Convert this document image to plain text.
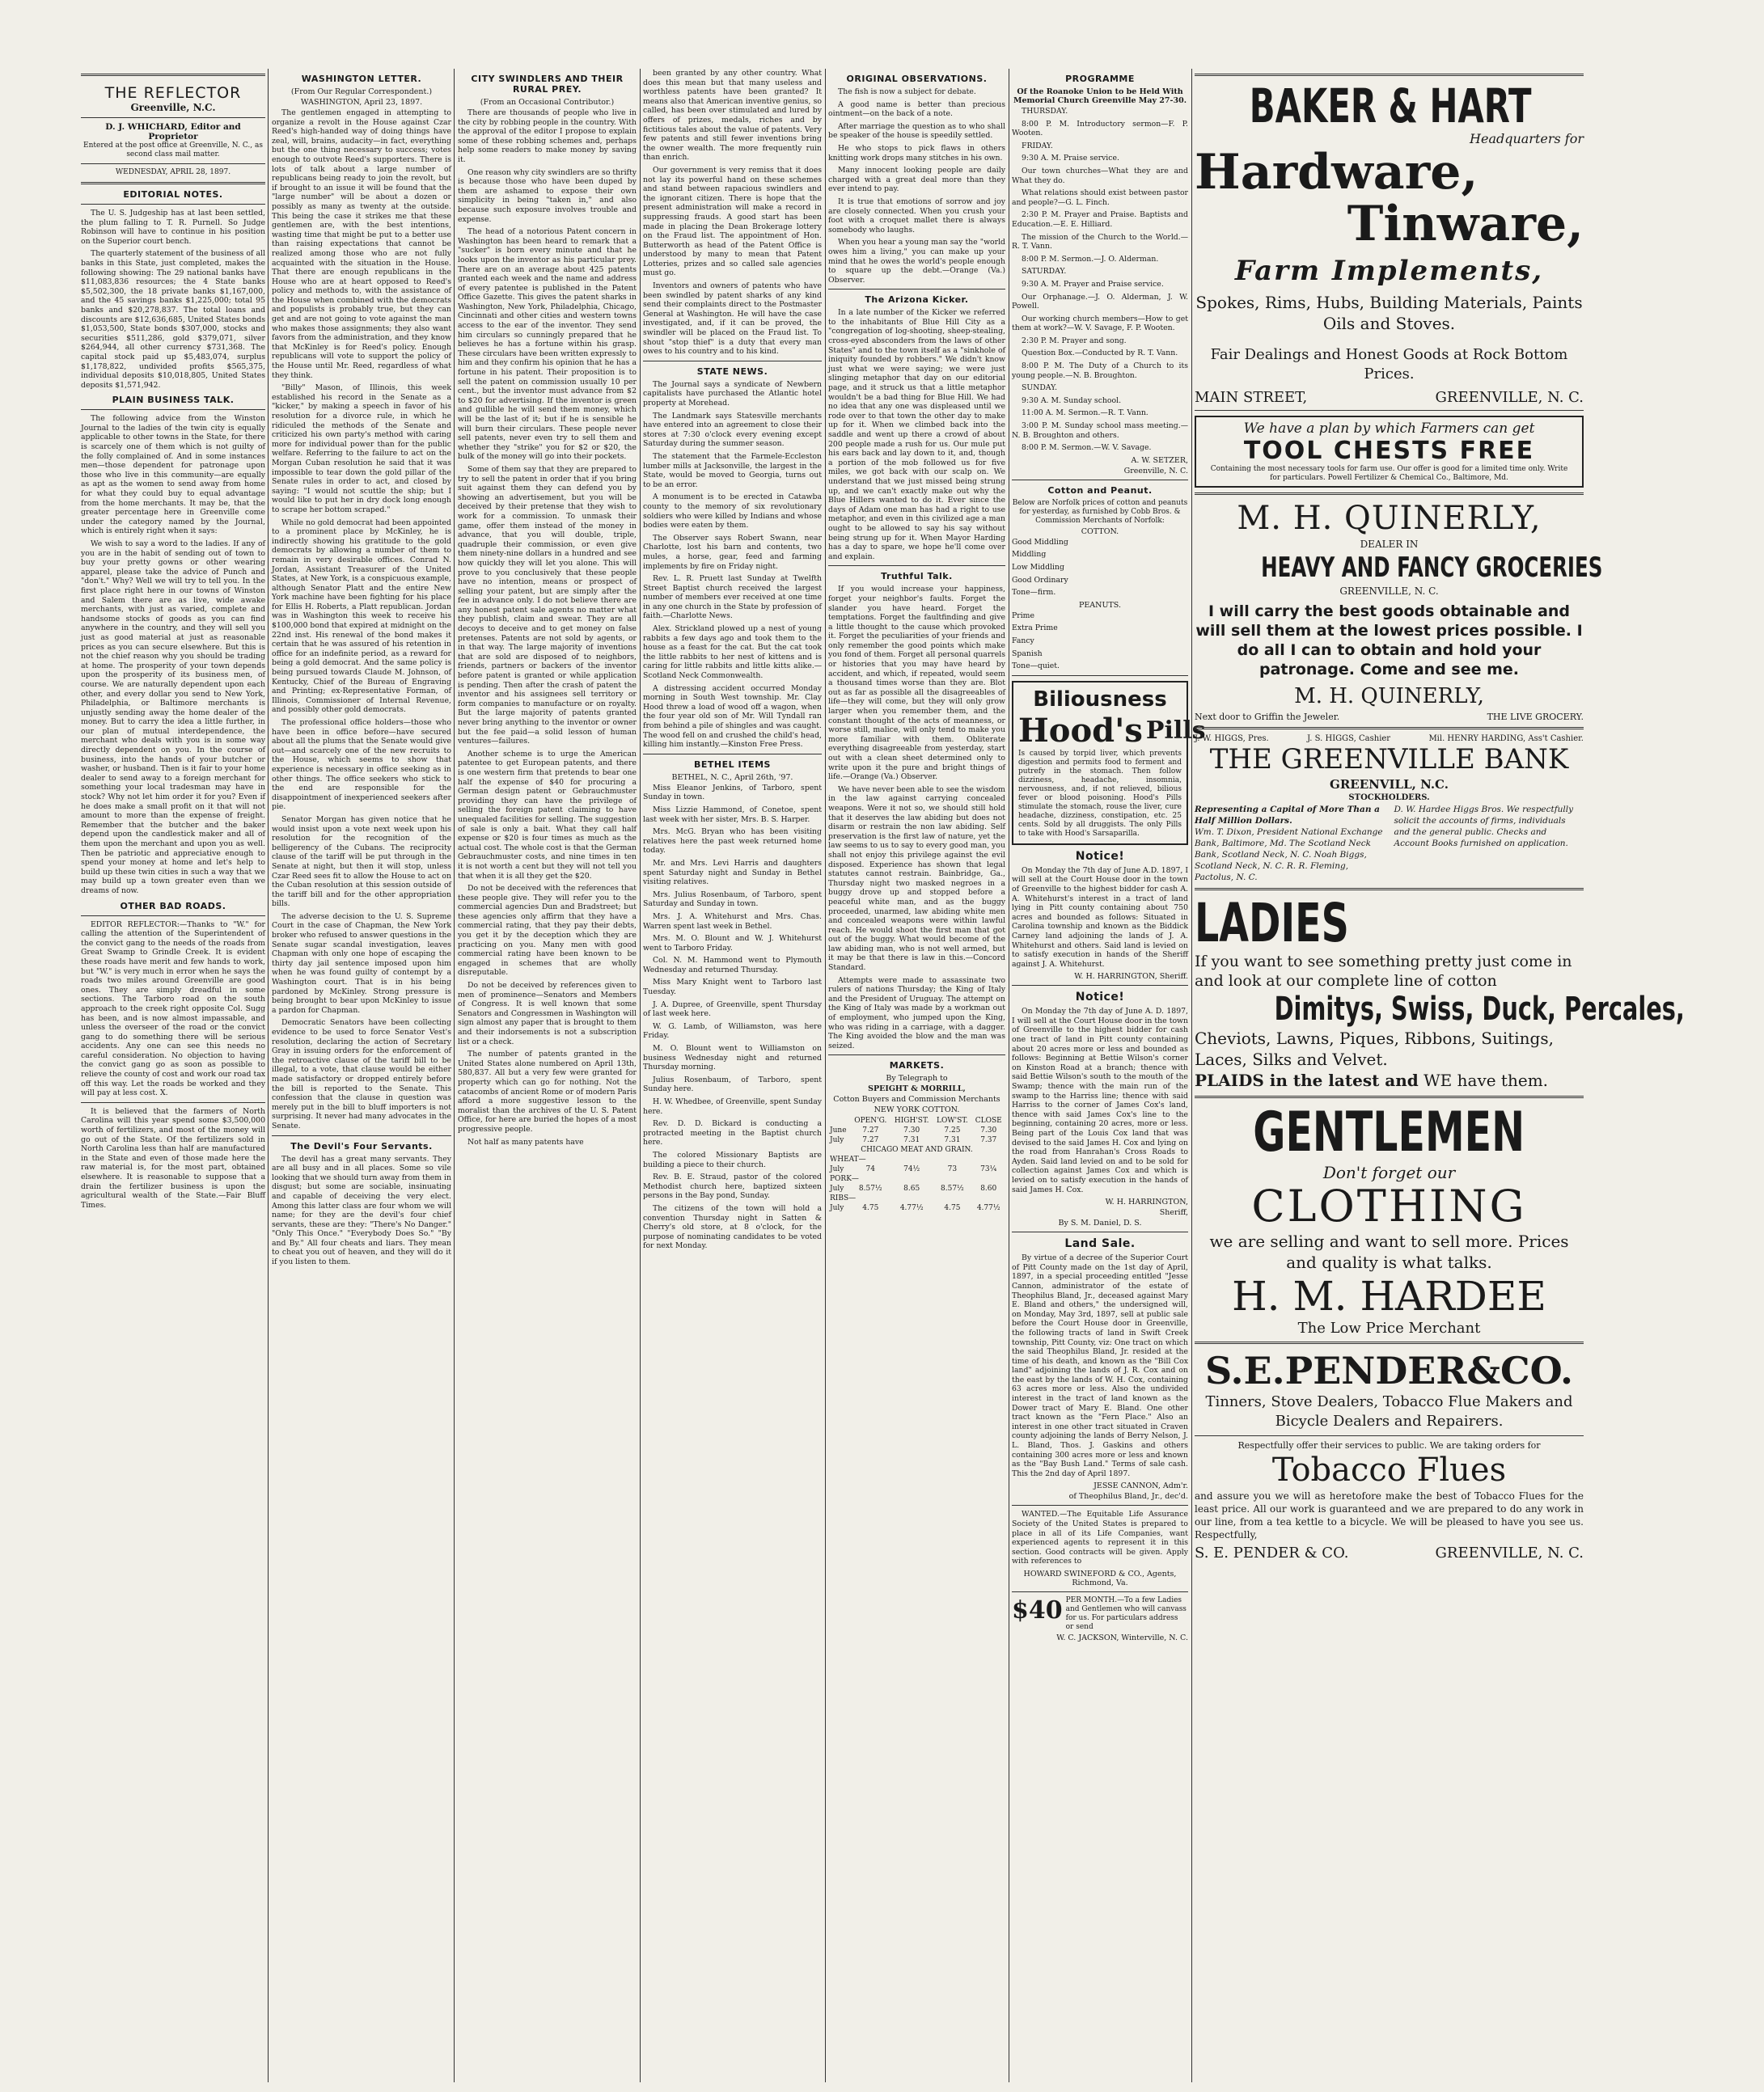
THE REFLECTOR
Greenville, N.C.
D. J. WHICHARD, Editor and Proprietor
Entered at the post office at Greenville, N. C., as second class mail matter.
WEDNESDAY, APRIL 28, 1897.
EDITORIAL NOTES.

The U. S. Judgeship has at last been settled, the plum falling to T. R. Purnell. So Judge Robinson will have to continue in his position on the Superior court bench.

The quarterly statement of the business of all banks in this State, just completed, makes the following showing: The 29 national banks have $11,083,836 resources; the 4 State banks $5,502,300, the 18 private banks $1,167,000, and the 45 savings banks $1,225,000; total 95 banks and $20,278,837. The total loans and discounts are $12,636,685, United States bonds $1,053,500, State bonds $307,000, stocks and securities $511,286, gold $379,071, silver $264,944, all other currency $731,368. The capital stock paid up $5,483,074, surplus $1,178,822, undivided profits $565,375, individual deposits $10,018,805, United States deposits $1,571,942.

PLAIN BUSINESS TALK.

The following advice from the Winston Journal to the ladies of the twin city is equally applicable to other towns in the State, for there is scarcely one of them which is not guilty of the folly complained of. And in some instances men—those dependent for patronage upon those who live in this community—are equally as apt as the women to send away from home for what they could buy to equal advantage from the home merchants. It may be, that the greater percentage here in Greenville come under the category named by the Journal, which is entirely right when it says:

We wish to say a word to the ladies. If any of you are in the habit of sending out of town to buy your pretty gowns or other wearing apparel, please take the advice of Punch and "don't." Why? Well we will try to tell you. In the first place right here in our towns of Winston and Salem there are as live, wide awake merchants, with just as varied, complete and handsome stocks of goods as you can find anywhere in the country, and they will sell you just as good material at just as reasonable prices as you can secure elsewhere. But this is not the chief reason why you should be trading at home. The prosperity of your town depends upon the prosperity of its business men, of course. We are naturally dependent upon each other, and every dollar you send to New York, Philadelphia, or Baltimore merchants is unjustly sending away the home dealer of the money. But to carry the idea a little further, in our plan of mutual interdependence, the merchant who deals with you is in some way directly dependent on you. In the course of business, into the hands of your butcher or washer, or husband. Then is it fair to your home dealer to send away to a foreign merchant for something your local tradesman may have in stock? Why not let him order it for you? Even if he does make a small profit on it that will not amount to more than the expense of freight. Remember that the butcher and the baker depend upon the candlestick maker and all of them upon the merchant and upon you as well. Then be patriotic and appreciative enough to spend your money at home and let's help to build up these twin cities in such a way that we may build up a town greater even than we dreams of now.

OTHER BAD ROADS.

EDITOR REFLECTOR:—Thanks to "W." for calling the attention of the Superintendent of the convict gang to the needs of the roads from Great Swamp to Grindle Creek. It is evident these roads have merit and few hands to work, but "W." is very much in error when he says the roads two miles around Greenville are good ones. They are simply dreadful in some sections. The Tarboro road on the south approach to the creek right opposite Col. Sugg has been, and is now almost impassable, and unless the overseer of the road or the convict gang to do something there will be serious accidents. Any one can see this needs no careful consideration. No objection to having the convict gang go as soon as possible to relieve the county of cost and work our road tax off this way. Let the roads be worked and they will pay at less cost. X.

It is believed that the farmers of North Carolina will this year spend some $3,500,000 worth of fertilizers, and most of the money will go out of the State. Of the fertilizers sold in North Carolina less than half are manufactured in the State and even of those made here the raw material is, for the most part, obtained elsewhere. It is reasonable to suppose that a drain the fertilizer business is upon the agricultural wealth of the State.—Fair Bluff Times.

WASHINGTON LETTER.
(From Our Regular Correspondent.)
WASHINGTON, April 23, 1897.

The gentlemen engaged in attempting to organize a revolt in the House against Czar Reed's high-handed way of doing things have zeal, will, brains, audacity—in fact, everything but the one thing necessary to success; votes enough to outvote Reed's supporters. There is lots of talk about a large number of republicans being ready to join the revolt, but if brought to an issue it will be found that the "large number" will be about a dozen or possibly as many as twenty at the outside. This being the case it strikes me that these gentlemen are, with the best intentions, wasting time that might be put to a better use than raising expectations that cannot be realized among those who are not fully acquainted with the situation in the House. That there are enough republicans in the House who are at heart opposed to Reed's policy and methods to, with the assistance of the House when combined with the democrats and populists is probably true, but they can get and are not going to vote against the man who makes those assignments; they also want favors from the administration, and they know that McKinley is for Reed's policy. Enough republicans will vote to support the policy of the House until Mr. Reed, regardless of what they think.

"Billy" Mason, of Illinois, this week established his record in the Senate as a "kicker," by making a speech in favor of his resolution for a divorce rule, in which he ridiculed the methods of the Senate and criticized his own party's method with caring more for individual power than for the public welfare. Referring to the failure to act on the Morgan Cuban resolution he said that it was impossible to tear down the gold pillar of the Senate rules in order to act, and closed by saying: "I would not scuttle the ship; but I would like to put her in dry dock long enough to scrape her bottom scraped."

While no gold democrat had been appointed to a prominent place by McKinley, he is indirectly showing his gratitude to the gold democrats by allowing a number of them to remain in very desirable offices. Conrad N. Jordan, Assistant Treasurer of the United States, at New York, is a conspicuous example, although Senator Platt and the entire New York machine have been fighting for his place for Ellis H. Roberts, a Platt republican. Jordan was in Washington this week to receive his $100,000 bond that expired at midnight on the 22nd inst. His renewal of the bond makes it certain that he was assured of his retention in office for an indefinite period, as a reward for being a gold democrat. And the same policy is being pursued towards Claude M. Johnson, of Kentucky, Chief of the Bureau of Engraving and Printing; ex-Representative Forman, of Illinois, Commissioner of Internal Revenue, and possibly other gold democrats.

The professional office holders—those who have been in office before—have secured about all the plums that the Senate would give out—and scarcely one of the new recruits to the House, which seems to show that experience is necessary in office seeking as in other things. The office seekers who stick to the end are responsible for the disappointment of inexperienced seekers after pie.

Senator Morgan has given notice that he would insist upon a vote next week upon his resolution for the recognition of the belligerency of the Cubans. The reciprocity clause of the tariff will be put through in the Senate at night, but then it will stop, unless Czar Reed sees fit to allow the House to act on the Cuban resolution at this session outside of the tariff bill and for the other appropriation bills.

The adverse decision to the U. S. Supreme Court in the case of Chapman, the New York broker who refused to answer questions in the Senate sugar scandal investigation, leaves Chapman with only one hope of escaping the thirty day jail sentence imposed upon him when he was found guilty of contempt by a Washington court. That is in his being pardoned by McKinley. Strong pressure is being brought to bear upon McKinley to issue a pardon for Chapman.

Democratic Senators have been collecting evidence to be used to force Senator Vest's resolution, declaring the action of Secretary Gray in issuing orders for the enforcement of the retroactive clause of the tariff bill to be illegal, to a vote, that clause would be either made satisfactory or dropped entirely before the bill is reported to the Senate. This confession that the clause in question was merely put in the bill to bluff importers is not surprising. It never had many advocates in the Senate.

The Devil's Four Servants.

The devil has a great many servants. They are all busy and in all places. Some so vile looking that we should turn away from them in disgust; but some are sociable, insinuating and capable of deceiving the very elect. Among this latter class are four whom we will name; for they are the devil's four chief servants, these are they: "There's No Danger." "Only This Once." "Everybody Does So." "By and By." All four cheats and liars. They mean to cheat you out of heaven, and they will do it if you listen to them.

CITY SWINDLERS AND THEIR RURAL PREY.
(From an Occasional Contributor.)

There are thousands of people who live in the city by robbing people in the country. With the approval of the editor I propose to explain some of these robbing schemes and, perhaps help some readers to make money by saving it.

One reason why city swindlers are so thrifty is because those who have been duped by them are ashamed to expose their own simplicity in being "taken in," and also because such exposure involves trouble and expense.

The head of a notorious Patent concern in Washington has been heard to remark that a "sucker" is born every minute and that he looks upon the inventor as his particular prey. There are on an average about 425 patents granted each week and the name and address of every patentee is published in the Patent Office Gazette. This gives the patent sharks in Washington, New York, Philadelphia, Chicago, Cincinnati and other cities and western towns access to the ear of the inventor. They send him circulars so cunningly prepared that he believes he has a fortune within his grasp. These circulars have been written expressly to him and they confirm his opinion that he has a fortune in his patent. Their proposition is to sell the patent on commission usually 10 per cent., but the inventor must advance from $2 to $20 for advertising. If the inventor is green and gullible he will send them money, which will be the last of it; but if he is sensible he will burn their circulars. These people never sell patents, never even try to sell them and whether they "strike" you for $2 or $20, the bulk of the money will go into their pockets.

Some of them say that they are prepared to try to sell the patent in order that if you bring suit against them they can defend you by showing an advertisement, but you will be deceived by their pretense that they wish to work for a commission. To unmask their game, offer them instead of the money in advance, that you will double, triple, quadruple their commission, or even give them ninety-nine dollars in a hundred and see how quickly they will let you alone. This will prove to you conclusively that these people have no intention, means or prospect of selling your patent, but are simply after the fee in advance only. I do not believe there are any honest patent sale agents no matter what they publish, claim and swear. They are all decoys to deceive and to get money on false pretenses. Patents are not sold by agents, or in that way. The large majority of inventions that are sold are disposed of to neighbors, friends, partners or backers of the inventor before patent is granted or while application is pending. Then after the crash of patent the inventor and his assignees sell territory or form companies to manufacture or on royalty. But the large majority of patents granted never bring anything to the inventor or owner but the fee paid—a solid lesson of human ventures—failures.

Another scheme is to urge the American patentee to get European patents, and there is one western firm that pretends to bear one half the expense of $40 for procuring a German design patent or Gebrauchmuster providing they can have the privilege of selling the foreign patent claiming to have unequaled facilities for selling. The suggestion of sale is only a bait. What they call half expense or $20 is four times as much as the actual cost. The whole cost is that the German Gebrauchmuster costs, and nine times in ten it is not worth a cent but they will not tell you that when it is all they get the $20.

Do not be deceived with the references that these people give. They will refer you to the commercial agencies Dun and Bradstreet; but these agencies only affirm that they have a commercial rating, that they pay their debts, you get it by the deception which they are practicing on you. Many men with good commercial rating have been known to be engaged in schemes that are wholly disreputable.

Do not be deceived by references given to men of prominence—Senators and Members of Congress. It is well known that some Senators and Congressmen in Washington will sign almost any paper that is brought to them and their indorsements is not a subscription list or a check.

The number of patents granted in the United States alone numbered on April 13th, 580,837. All but a very few were granted for property which can go for nothing. Not the catacombs of ancient Rome or of modern Paris afford a more suggestive lesson to the moralist than the archives of the U. S. Patent Office, for here are buried the hopes of a most progressive people.

Not half as many patents have

been granted by any other country. What does this mean but that many useless and worthless patents have been granted? It means also that American inventive genius, so called, has been over stimulated and lured by offers of prizes, medals, riches and by fictitious tales about the value of patents. Very few patents and still fewer inventions bring the owner wealth. The more frequently ruin than enrich.

Our government is very remiss that it does not lay its powerful hand on these schemes and stand between rapacious swindlers and the ignorant citizen. There is hope that the present administration will make a record in suppressing frauds. A good start has been made in placing the Dean Brokerage lottery on the Fraud list. The appointment of Hon. Butterworth as head of the Patent Office is understood by many to mean that Patent Lotteries, prizes and so called sale agencies must go.

Inventors and owners of patents who have been swindled by patent sharks of any kind send their complaints direct to the Postmaster General at Washington. He will have the case investigated, and, if it can be proved, the swindler will be placed on the Fraud list. To shout "stop thief" is a duty that every man owes to his country and to his kind.

STATE NEWS.

The Journal says a syndicate of Newbern capitalists have purchased the Atlantic hotel property at Morehead.

The Landmark says Statesville merchants have entered into an agreement to close their stores at 7:30 o'clock every evening except Saturday during the summer season.

The statement that the Farmele-Eccleston lumber mills at Jacksonville, the largest in the State, would be moved to Georgia, turns out to be an error.

A monument is to be erected in Catawba county to the memory of six revolutionary soldiers who were killed by Indians and whose bodies were eaten by them.

The Observer says Robert Swann, near Charlotte, lost his barn and contents, two mules, a horse, gear, feed and farming implements by fire on Friday night.

Rev. L. R. Pruett last Sunday at Twelfth Street Baptist church received the largest number of members ever received at one time in any one church in the State by profession of faith.—Charlotte News.

Alex. Strickland plowed up a nest of young rabbits a few days ago and took them to the house as a feast for the cat. But the cat took the little rabbits to her nest of kittens and is caring for little rabbits and little kitts alike.—Scotland Neck Commonwealth.

A distressing accident occurred Monday morning in South West township. Mr. Clay Hood threw a load of wood off a wagon, when the four year old son of Mr. Will Tyndall ran from behind a pile of shingles and was caught. The wood fell on and crushed the child's head, killing him instantly.—Kinston Free Press.

BETHEL ITEMS
BETHEL, N. C., April 26th, '97.

Miss Eleanor Jenkins, of Tarboro, spent Sunday in town.

Miss Lizzie Hammond, of Conetoe, spent last week with her sister, Mrs. B. S. Harper.

Mrs. McG. Bryan who has been visiting relatives here the past week returned home today.

Mr. and Mrs. Levi Harris and daughters spent Saturday night and Sunday in Bethel visiting relatives.

Mrs. Julius Rosenbaum, of Tarboro, spent Saturday and Sunday in town.

Mrs. J. A. Whitehurst and Mrs. Chas. Warren spent last week in Bethel.

Mrs. M. O. Blount and W. J. Whitehurst went to Tarboro Friday.

Col. N. M. Hammond went to Plymouth Wednesday and returned Thursday.

Miss Mary Knight went to Tarboro last Tuesday.

J. A. Dupree, of Greenville, spent Thursday of last week here.

W. G. Lamb, of Williamston, was here Friday.

M. O. Blount went to Williamston on business Wednesday night and returned Thursday morning.

Julius Rosenbaum, of Tarboro, spent Sunday here.

H. W. Whedbee, of Greenville, spent Sunday here.

Rev. D. D. Bickard is conducting a protracted meeting in the Baptist church here.

The colored Missionary Baptists are building a piece to their church.

Rev. B. E. Straud, pastor of the colored Methodist church here, baptized sixteen persons in the Bay pond, Sunday.

The citizens of the town will hold a convention Thursday night in Satten & Cherry's old store, at 8 o'clock, for the purpose of nominating candidates to be voted for next Monday.

ORIGINAL OBSERVATIONS.

The fish is now a subject for debate.

A good name is better than precious ointment—on the back of a note.

After marriage the question as to who shall be speaker of the house is speedily settled.

He who stops to pick flaws in others knitting work drops many stitches in his own.

Many innocent looking people are daily charged with a great deal more than they ever intend to pay.

It is true that emotions of sorrow and joy are closely connected. When you crush your foot with a croquet mallet there is always somebody who laughs.

When you hear a young man say the "world owes him a living," you can make up your mind that he owes the world's people enough to square up the debt.—Orange (Va.) Observer.

The Arizona Kicker.

In a late number of the Kicker we referred to the inhabitants of Blue Hill City as a "congregation of log-shooting, sheep-stealing, cross-eyed absconders from the laws of other States" and to the town itself as a "sinkhole of iniquity founded by robbers." We didn't know just what we were saying; we were just slinging metaphor that day on our editorial page, and it struck us that a little metaphor wouldn't be a bad thing for Blue Hill. We had no idea that any one was displeased until we rode over to that town the other day to make up for it. When we climbed back into the saddle and went up there a crowd of about 200 people made a rush for us. Our mule put his ears back and lay down to it, and, though a portion of the mob followed us for five miles, we got back with our scalp on. We understand that we just missed being strung up, and we can't exactly make out why the Blue Hillers wanted to do it. Ever since the days of Adam one man has had a right to use metaphor, and even in this civilized age a man ought to be allowed to say his say without being strung up for it. When Mayor Harding has a day to spare, we hope he'll come over and explain.

Truthful Talk.

If you would increase your happiness, forget your neighbor's faults. Forget the slander you have heard. Forget the temptations. Forget the faultfinding and give a little thought to the cause which provoked it. Forget the peculiarities of your friends and only remember the good points which make you fond of them. Forget all personal quarrels or histories that you may have heard by accident, and which, if repeated, would seem a thousand times worse than they are. Blot out as far as possible all the disagreeables of life—they will come, but they will only grow larger when you remember them, and the constant thought of the acts of meanness, or worse still, malice, will only tend to make you more familiar with them. Obliterate everything disagreeable from yesterday, start out with a clean sheet determined only to write upon it the pure and bright things of life.—Orange (Va.) Observer.

We have never been able to see the wisdom in the law against carrying concealed weapons. Were it not so, we should still hold that it deserves the law abiding but does not disarm or restrain the non law abiding. Self preservation is the first law of nature, yet the law seems to us to say to every good man, you shall not enjoy this privilege against the evil disposed. Experience has shown that legal statutes cannot restrain. Bainbridge, Ga., Thursday night two masked negroes in a buggy drove up and stopped before a peaceful white man, and as the buggy proceeded, unarmed, law abiding white men and concealed weapons were within lawful reach. He would shoot the first man that got out of the buggy. What would become of the law abiding man, who is not well armed, but it may be that there is law in this.—Concord Standard.

Attempts were made to assassinate two rulers of nations Thursday; the King of Italy and the President of Uruguay. The attempt on the King of Italy was made by a workman out of employment, who jumped upon the King, who was riding in a carriage, with a dagger. The King avoided the blow and the man was seized.

MARKETS.
By Telegraph to
SPEIGHT & MORRILL,
Cotton Buyers and Commission Merchants
NEW YORK COTTON.
	OPEN'G.	HIGH'ST.	LOW'ST.	CLOSE
June	7.27	7.30	7.25	7.30
July	7.27	7.31	7.31	7.37
CHICAGO MEAT AND GRAIN.				
WHEAT—				
July	74	74½	73	73¼
PORK—				
July	8.57½	8.65	8.57½	8.60
RIBS—				
July	4.75	4.77½	4.75	4.77½
PROGRAMME
Of the Roanoke Union to be Held With Memorial Church Greenville May 27-30.

THURSDAY.

8:00 P. M. Introductory sermon—F. P. Wooten.

FRIDAY.

9:30 A. M. Praise service.

Our town churches—What they are and What they do.

What relations should exist between pastor and people?—G. L. Finch.

2:30 P. M. Prayer and Praise. Baptists and Education.—E. E. Hilliard.

The mission of the Church to the World.—R. T. Vann.

8:00 P. M. Sermon.—J. O. Alderman.

SATURDAY.

9:30 A. M. Prayer and Praise service.

Our Orphanage.—J. O. Alderman, J. W. Powell.

Our working church members—How to get them at work?—W. V. Savage, F. P. Wooten.

2:30 P. M. Prayer and song.

Question Box.—Conducted by R. T. Vann.

8:00 P. M. The Duty of a Church to its young people.—N. B. Broughton.

SUNDAY.

9:30 A. M. Sunday school.

11:00 A. M. Sermon.—R. T. Vann.

3:00 P. M. Sunday school mass meeting.—N. B. Broughton and others.

8:00 P. M. Sermon.—W. V. Savage.

A. W. SETZER,
Greenville, N. C.
Cotton and Peanut.
Below are Norfolk prices of cotton and peanuts for yesterday, as furnished by Cobb Bros. & Commission Merchants of Norfolk:
COTTON.

Good Middling

Middling

Low Middling

Good Ordinary

Tone—firm.

PEANUTS.

Prime

Extra Prime

Fancy

Spanish

Tone—quiet.

Biliousness
Hood's Pills
Is caused by torpid liver, which prevents digestion and permits food to ferment and putrefy in the stomach. Then follow dizziness, headache, insomnia, nervousness, and, if not relieved, bilious fever or blood poisoning. Hood's Pills stimulate the stomach, rouse the liver, cure headache, dizziness, constipation, etc. 25 cents. Sold by all druggists. The only Pills to take with Hood's Sarsaparilla.
Notice!

On Monday the 7th day of June A.D. 1897, I will sell at the Court House door in the town of Greenville to the highest bidder for cash A. A. Whitehurst's interest in a tract of land lying in Pitt county containing about 750 acres and bounded as follows: Situated in Carolina township and known as the Biddick Carney land adjoining the lands of J. A. Whitehurst and others. Said land is levied on to satisfy execution in hands of the Sheriff against J. A. Whitehurst.

W. H. HARRINGTON, Sheriff.
Notice!

On Monday the 7th day of June A. D. 1897, I will sell at the Court House door in the town of Greenville to the highest bidder for cash one tract of land in Pitt county containing about 20 acres more or less and bounded as follows: Beginning at Bettie Wilson's corner on Kinston Road at a branch; thence with said Bettie Wilson's south to the mouth of the Swamp; thence with the main run of the swamp to the Harriss line; thence with said Harriss to the corner of James Cox's land, thence with said James Cox's line to the beginning, containing 20 acres, more or less. Being part of the Louis Cox land that was devised to the said James H. Cox and lying on the road from Hanrahan's Cross Roads to Ayden. Said land levied on and to be sold for collection against James Cox and which is levied on to satisfy execution in the hands of said James H. Cox.

W. H. HARRINGTON,
Sheriff,
By S. M. Daniel, D. S.
Land Sale.

By virtue of a decree of the Superior Court of Pitt County made on the 1st day of April, 1897, in a special proceeding entitled "Jesse Cannon, administrator of the estate of Theophilus Bland, Jr., deceased against Mary E. Bland and others," the undersigned will, on Monday, May 3rd, 1897, sell at public sale before the Court House door in Greenville, the following tracts of land in Swift Creek township, Pitt County, viz: One tract on which the said Theophilus Bland, Jr. resided at the time of his death, and known as the "Bill Cox land" adjoining the lands of J. R. Cox and on the east by the lands of W. H. Cox, containing 63 acres more or less. Also the undivided interest in the tract of land known as the Dower tract of Mary E. Bland. One other tract known as the "Fern Place." Also an interest in one other tract situated in Craven county adjoining the lands of Berry Nelson, J. L. Bland, Thos. J. Gaskins and others containing 300 acres more or less and known as the "Bay Bush Land." Terms of sale cash. This the 2nd day of April 1897.

JESSE CANNON, Adm'r.
of Theophilus Bland, Jr., dec'd.

WANTED.—The Equitable Life Assurance Society of the United States is prepared to place in all of its Life Companies, want experienced agents to represent it in this section. Good contracts will be given. Apply with references to

HOWARD SWINEFORD & CO., Agents, Richmond, Va.
$40 PER MONTH.—To a few Ladies and Gentlemen who will canvass for us. For particulars address or send
W. C. JACKSON, Winterville, N. C.
BAKER & HART
Headquarters for
Hardware,
Tinware,
Farm Implements,
Spokes, Rims, Hubs, Building Materials, Paints Oils and Stoves.
Fair Dealings and Honest Goods at Rock Bottom Prices.
MAIN STREET,	GREENVILLE, N. C.
We have a plan by which Farmers can get
TOOL CHESTS FREE
Containing the most necessary tools for farm use. Our offer is good for a limited time only. Write for particulars. Powell Fertilizer & Chemical Co., Baltimore, Md.
M. H. QUINERLY,
DEALER IN
HEAVY AND FANCY GROCERIES
GREENVILLE, N. C.
I will carry the best goods obtainable and will sell them at the lowest prices possible. I do all I can to obtain and hold your patronage. Come and see me.
M. H. QUINERLY,
Next door to Griffin the Jeweler.	THE LIVE GROCERY.
J. W. HIGGS, Pres.	J. S. HIGGS, Cashier	Mil. HENRY HARDING, Ass't Cashier.
THE GREENVILLE BANK
GREENVILL, N.C.
STOCKHOLDERS.
Representing a Capital of More Than a Half Million Dollars.
Wm. T. Dixon, President National Exchange Bank, Baltimore, Md. The Scotland Neck Bank, Scotland Neck, N. C. Noah Biggs, Scotland Neck, N. C. R. R. Fleming, Pactolus, N. C.
D. W. Hardee Higgs Bros. We respectfully solicit the accounts of firms, individuals and the general public. Checks and Account Books furnished on application.
LADIES
If you want to see something pretty just come in and look at our complete line of cotton
Dimitys, Swiss, Duck, Percales,
Cheviots, Lawns, Piques, Ribbons, Suitings, Laces, Silks and Velvet.
PLAIDS in the latest and WE have them.
GENTLEMEN
Don't forget our
CLOTHING
we are selling and want to sell more. Prices and quality is what talks.
H. M. HARDEE
The Low Price Merchant
S.E.PENDER&CO.
Tinners, Stove Dealers, Tobacco Flue Makers and Bicycle Dealers and Repairers.
Respectfully offer their services to public. We are taking orders for
Tobacco Flues
and assure you we will as heretofore make the best of Tobacco Flues for the least price. All our work is guaranteed and we are prepared to do any work in our line, from a tea kettle to a bicycle. We will be pleased to have you see us. Respectfully,
S. E. PENDER & CO.	GREENVILLE, N. C.
